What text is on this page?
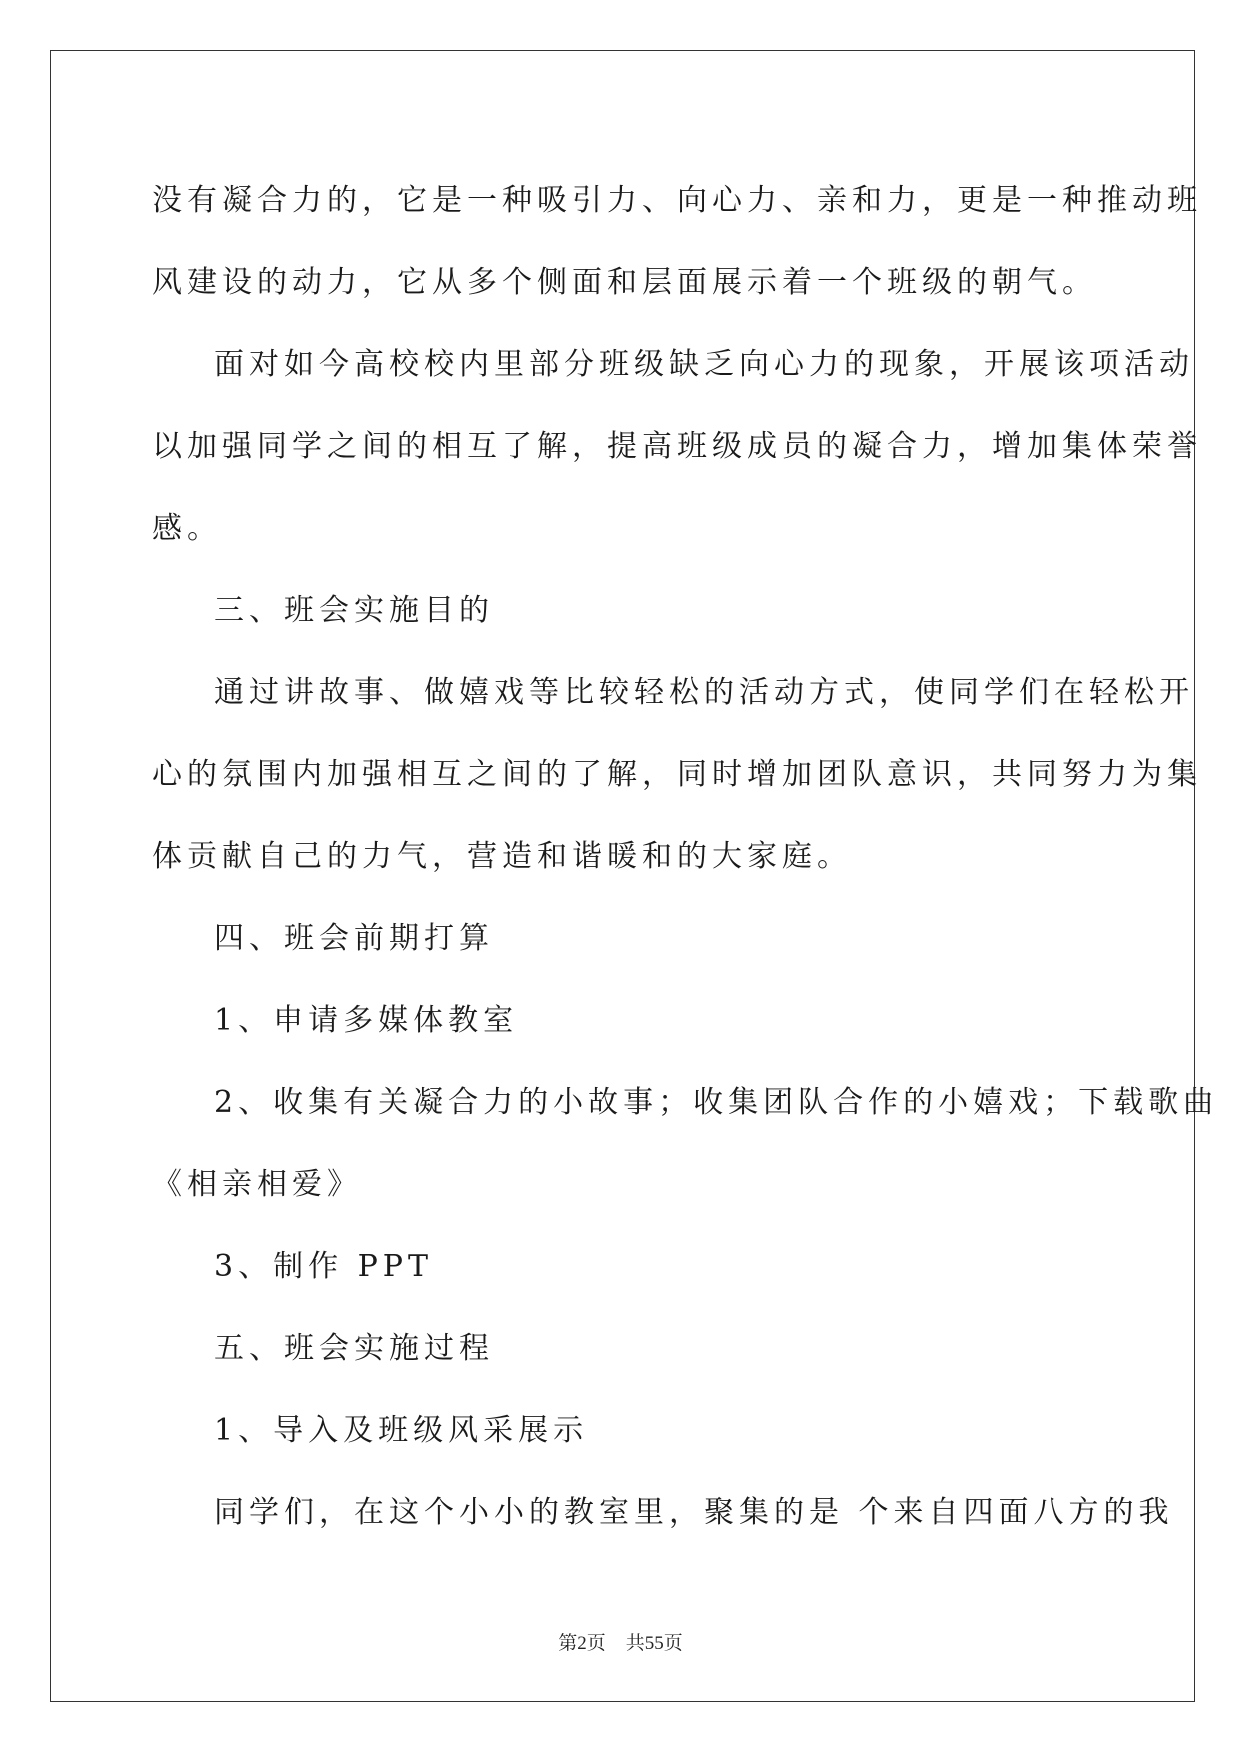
没有凝合力的，它是一种吸引力、向心力、亲和力，更是一种推动班
风建设的动力，它从多个侧面和层面展示着一个班级的朝气。
面对如今高校校内里部分班级缺乏向心力的现象，开展该项活动
以加强同学之间的相互了解，提高班级成员的凝合力，增加集体荣誉
感。
三、班会实施目的
通过讲故事、做嬉戏等比较轻松的活动方式，使同学们在轻松开
心的氛围内加强相互之间的了解，同时增加团队意识，共同努力为集
体贡献自己的力气，营造和谐暖和的大家庭。
四、班会前期打算
1、申请多媒体教室
2、收集有关凝合力的小故事；收集团队合作的小嬉戏；下载歌曲
《相亲相爱》
3、制作 PPT
五、班会实施过程
1、导入及班级风采展示
同学们，在这个小小的教室里，聚集的是 个来自四面八方的我
第2页 共55页
